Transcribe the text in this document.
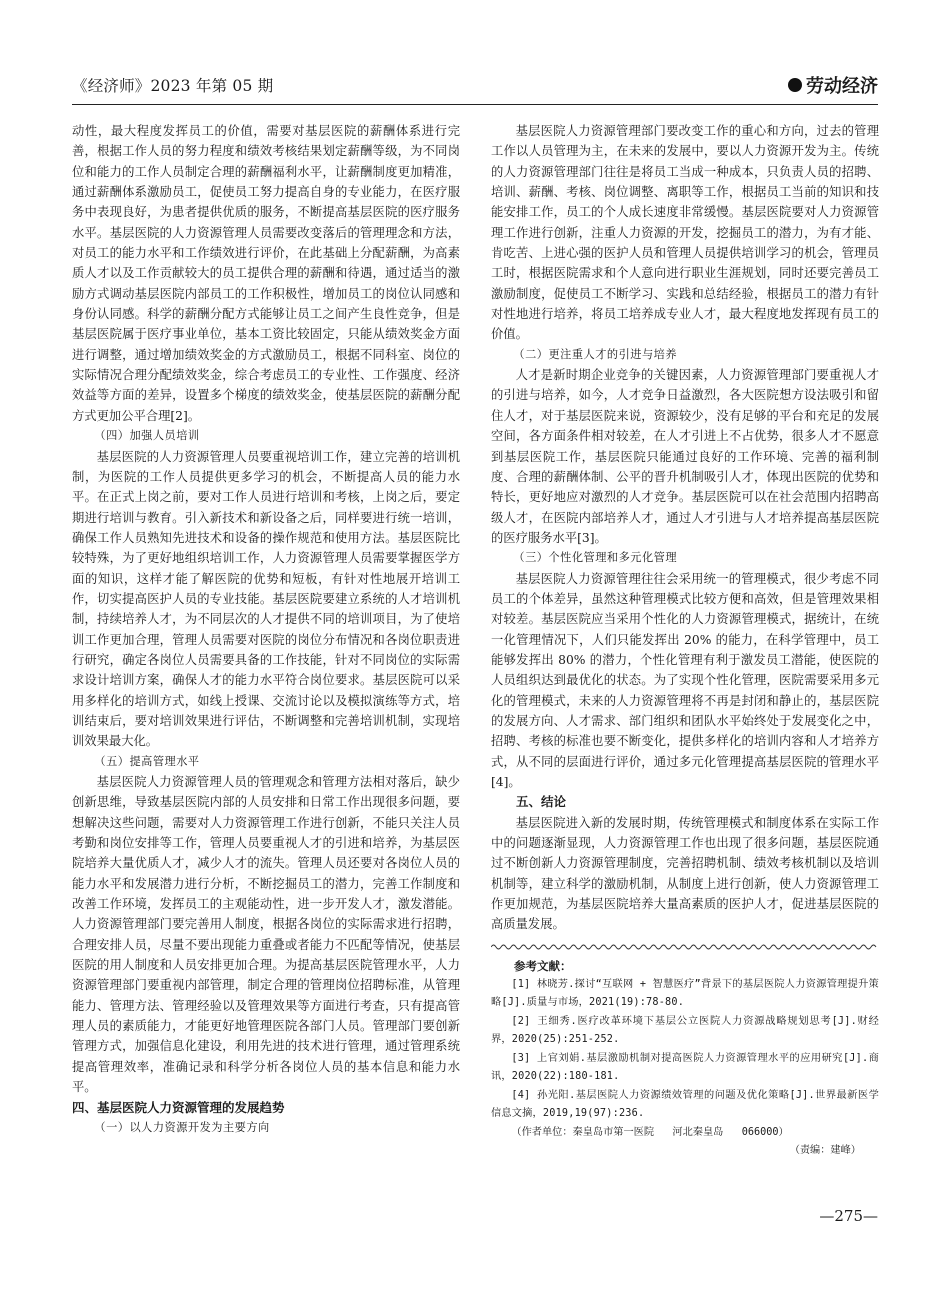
《经济师》2023 年第 05 期	劳动经济
动性，最大程度发挥员工的价值，需要对基层医院的薪酬体系进行完善，根据工作人员的努力程度和绩效考核结果划定薪酬等级，为不同岗位和能力的工作人员制定合理的薪酬福利水平，让薪酬制度更加精准，通过薪酬体系激励员工，促使员工努力提高自身的专业能力，在医疗服务中表现良好，为患者提供优质的服务，不断提高基层医院的医疗服务水平。基层医院的人力资源管理人员需要改变落后的管理理念和方法，对员工的能力水平和工作绩效进行评价，在此基础上分配薪酬，为高素质人才以及工作贡献较大的员工提供合理的薪酬和待遇，通过适当的激励方式调动基层医院内部员工的工作积极性，增加员工的岗位认同感和身份认同感。科学的薪酬分配方式能够让员工之间产生良性竞争，但是基层医院属于医疗事业单位，基本工资比较固定，只能从绩效奖金方面进行调整，通过增加绩效奖金的方式激励员工，根据不同科室、岗位的实际情况合理分配绩效奖金，综合考虑员工的专业性、工作强度、经济效益等方面的差异，设置多个梯度的绩效奖金，使基层医院的薪酬分配方式更加公平合理[2]。
（四）加强人员培训
基层医院的人力资源管理人员要重视培训工作，建立完善的培训机制，为医院的工作人员提供更多学习的机会，不断提高人员的能力水平。在正式上岗之前，要对工作人员进行培训和考核，上岗之后，要定期进行培训与教育。引入新技术和新设备之后，同样要进行统一培训，确保工作人员熟知先进技术和设备的操作规范和使用方法。基层医院比较特殊，为了更好地组织培训工作，人力资源管理人员需要掌握医学方面的知识，这样才能了解医院的优势和短板，有针对性地展开培训工作，切实提高医护人员的专业技能。基层医院要建立系统的人才培训机制，持续培养人才，为不同层次的人才提供不同的培训项目，为了使培训工作更加合理，管理人员需要对医院的岗位分布情况和各岗位职责进行研究，确定各岗位人员需要具备的工作技能，针对不同岗位的实际需求设计培训方案，确保人才的能力水平符合岗位要求。基层医院可以采用多样化的培训方式，如线上授课、交流讨论以及模拟演练等方式，培训结束后，要对培训效果进行评估，不断调整和完善培训机制，实现培训效果最大化。
（五）提高管理水平
基层医院人力资源管理人员的管理观念和管理方法相对落后，缺少创新思维，导致基层医院内部的人员安排和日常工作出现很多问题，要想解决这些问题，需要对人力资源管理工作进行创新，不能只关注人员考勤和岗位安排等工作，管理人员要重视人才的引进和培养，为基层医院培养大量优质人才，减少人才的流失。管理人员还要对各岗位人员的能力水平和发展潜力进行分析，不断挖掘员工的潜力，完善工作制度和改善工作环境，发挥员工的主观能动性，进一步开发人才，激发潜能。人力资源管理部门要完善用人制度，根据各岗位的实际需求进行招聘，合理安排人员，尽量不要出现能力重叠或者能力不匹配等情况，使基层医院的用人制度和人员安排更加合理。为提高基层医院管理水平，人力资源管理部门要重视内部管理，制定合理的管理岗位招聘标准，从管理能力、管理方法、管理经验以及管理效果等方面进行考查，只有提高管理人员的素质能力，才能更好地管理医院各部门人员。管理部门要创新管理方式，加强信息化建设，利用先进的技术进行管理，通过管理系统提高管理效率，准确记录和科学分析各岗位人员的基本信息和能力水平。
四、基层医院人力资源管理的发展趋势
（一）以人力资源开发为主要方向
基层医院人力资源管理部门要改变工作的重心和方向，过去的管理工作以人员管理为主，在未来的发展中，要以人力资源开发为主。传统的人力资源管理部门往往是将员工当成一种成本，只负责人员的招聘、培训、薪酬、考核、岗位调整、离职等工作，根据员工当前的知识和技能安排工作，员工的个人成长速度非常缓慢。基层医院要对人力资源管理工作进行创新，注重人力资源的开发，挖掘员工的潜力，为有才能、肯吃苦、上进心强的医护人员和管理人员提供培训学习的机会，管理员工时，根据医院需求和个人意向进行职业生涯规划，同时还要完善员工激励制度，促使员工不断学习、实践和总结经验，根据员工的潜力有针对性地进行培养，将员工培养成专业人才，最大程度地发挥现有员工的价值。
（二）更注重人才的引进与培养
人才是新时期企业竞争的关键因素，人力资源管理部门要重视人才的引进与培养，如今，人才竞争日益激烈，各大医院想方设法吸引和留住人才，对于基层医院来说，资源较少，没有足够的平台和充足的发展空间，各方面条件相对较差，在人才引进上不占优势，很多人才不愿意到基层医院工作，基层医院只能通过良好的工作环境、完善的福利制度、合理的薪酬体制、公平的晋升机制吸引人才，体现出医院的优势和特长，更好地应对激烈的人才竞争。基层医院可以在社会范围内招聘高级人才，在医院内部培养人才，通过人才引进与人才培养提高基层医院的医疗服务水平[3]。
（三）个性化管理和多元化管理
基层医院人力资源管理往往会采用统一的管理模式，很少考虑不同员工的个体差异，虽然这种管理模式比较方便和高效，但是管理效果相对较差。基层医院应当采用个性化的人力资源管理模式，据统计，在统一化管理情况下，人们只能发挥出 20% 的能力，在科学管理中，员工能够发挥出 80% 的潜力，个性化管理有利于激发员工潜能，使医院的人员组织达到最优化的状态。为了实现个性化管理，医院需要采用多元化的管理模式，未来的人力资源管理将不再是封闭和静止的，基层医院的发展方向、人才需求、部门组织和团队水平始终处于发展变化之中，招聘、考核的标准也要不断变化，提供多样化的培训内容和人才培养方式，从不同的层面进行评价，通过多元化管理提高基层医院的管理水平[4]。
五、结论
基层医院进入新的发展时期，传统管理模式和制度体系在实际工作中的问题逐渐显现，人力资源管理工作也出现了很多问题，基层医院通过不断创新人力资源管理制度，完善招聘机制、绩效考核机制以及培训机制等，建立科学的激励机制，从制度上进行创新，使人力资源管理工作更加规范，为基层医院培养大量高素质的医护人才，促进基层医院的高质量发展。
参考文献：
[1] 林晓芳.探讨“互联网 + 智慧医疗”背景下的基层医院人力资源管理提升策略[J].质量与市场，2021(19):78-80.
[2] 王细秀.医疗改革环境下基层公立医院人力资源战略规划思考[J].财经界，2020(25):251-252.
[3] 上官刘娟.基层激励机制对提高医院人力资源管理水平的应用研究[J].商讯，2020(22):180-181.
[4] 孙光阳.基层医院人力资源绩效管理的问题及优化策略[J].世界最新医学信息文摘，2019,19(97):236.
（作者单位：秦皇岛市第一医院   河北秦皇岛   066000）
（责编：建峰）
—275—
